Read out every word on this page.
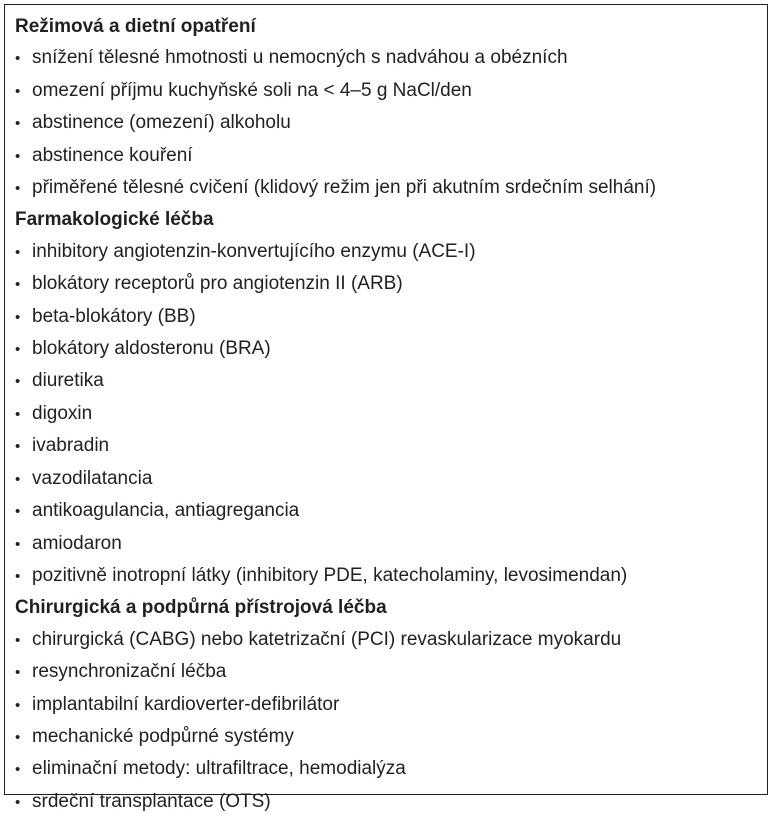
Režimová a dietní opatření
• snížení tělesné hmotnosti u nemocných s nadváhou a obézních
• omezení příjmu kuchyňské soli na < 4–5 g NaCl/den
• abstinence (omezení) alkoholu
• abstinence kouření
• přiměřené tělesné cvičení (klidový režim jen při akutním srdečním selhání)
Farmakologické léčba
• inhibitory angiotenzin-konvertujícího enzymu (ACE-I)
• blokátory receptorů pro angiotenzin II (ARB)
• beta-blokátory (BB)
• blokátory aldosteronu (BRA)
• diuretika
• digoxin
• ivabradin
• vazodilatancia
• antikoagulancia, antiagregancia
• amiodaron
• pozitivně inotropní látky (inhibitory PDE, katecholaminy, levosimendan)
Chirurgická a podpůrná přístrojová léčba
• chirurgická (CABG) nebo katetrizační (PCI) revaskularizace myokardu
• resynchronizační léčba
• implantabilní kardioverter-defibrilátor
• mechanické podpůrné systémy
• eliminační metody: ultrafiltrace, hemodialýza
• srdeční transplantace (OTS)
